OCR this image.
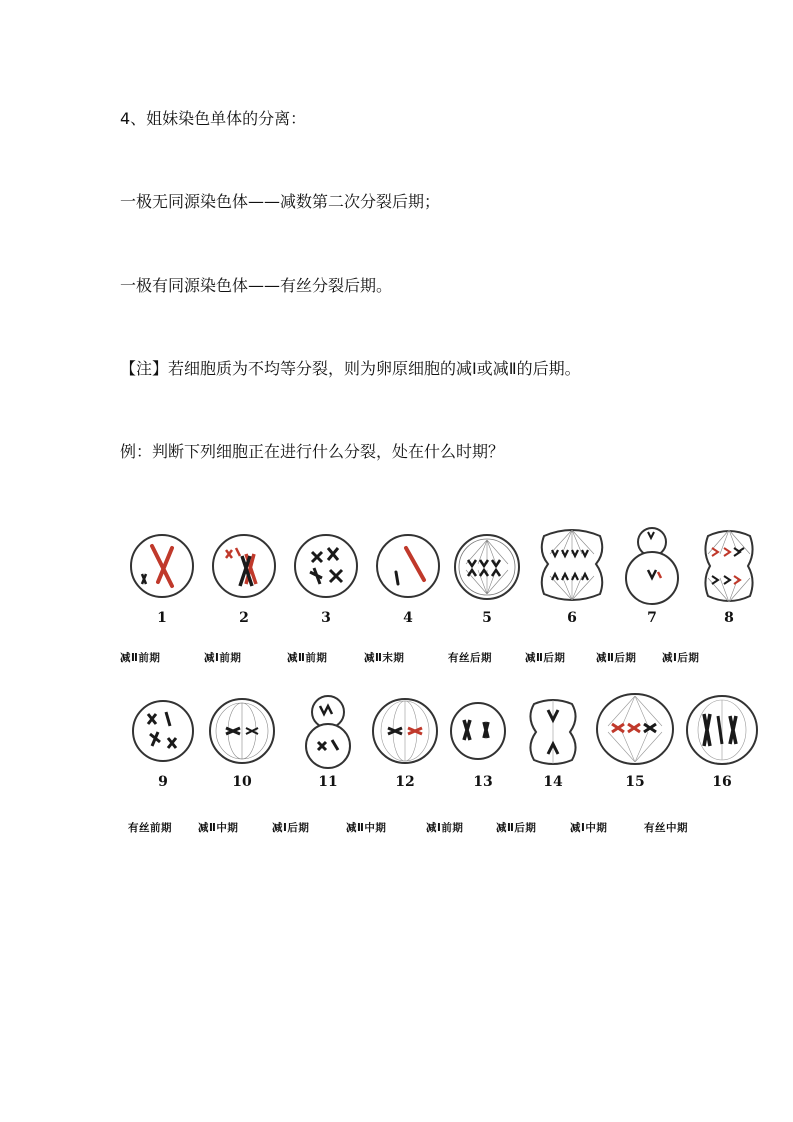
4、姐妹染色单体的分离：
一极无同源染色体——减数第二次分裂后期；
一极有同源染色体——有丝分裂后期。
【注】若细胞质为不均等分裂，则为卵原细胞的减Ⅰ或减Ⅱ的后期。
例：判断下列细胞正在进行什么分裂，处在什么时期？
1	2	3	4	5	6	7	8
减Ⅱ前期	减Ⅰ前期	减Ⅱ前期	减Ⅱ末期	有丝后期	减Ⅱ后期	减Ⅱ后期 减Ⅰ后期
9	10	11	12	13	14	15	16
有丝前期 减Ⅱ中期	减Ⅰ后期	减Ⅱ中期	减Ⅰ前期	减Ⅱ后期	减Ⅰ中期	有丝中期
